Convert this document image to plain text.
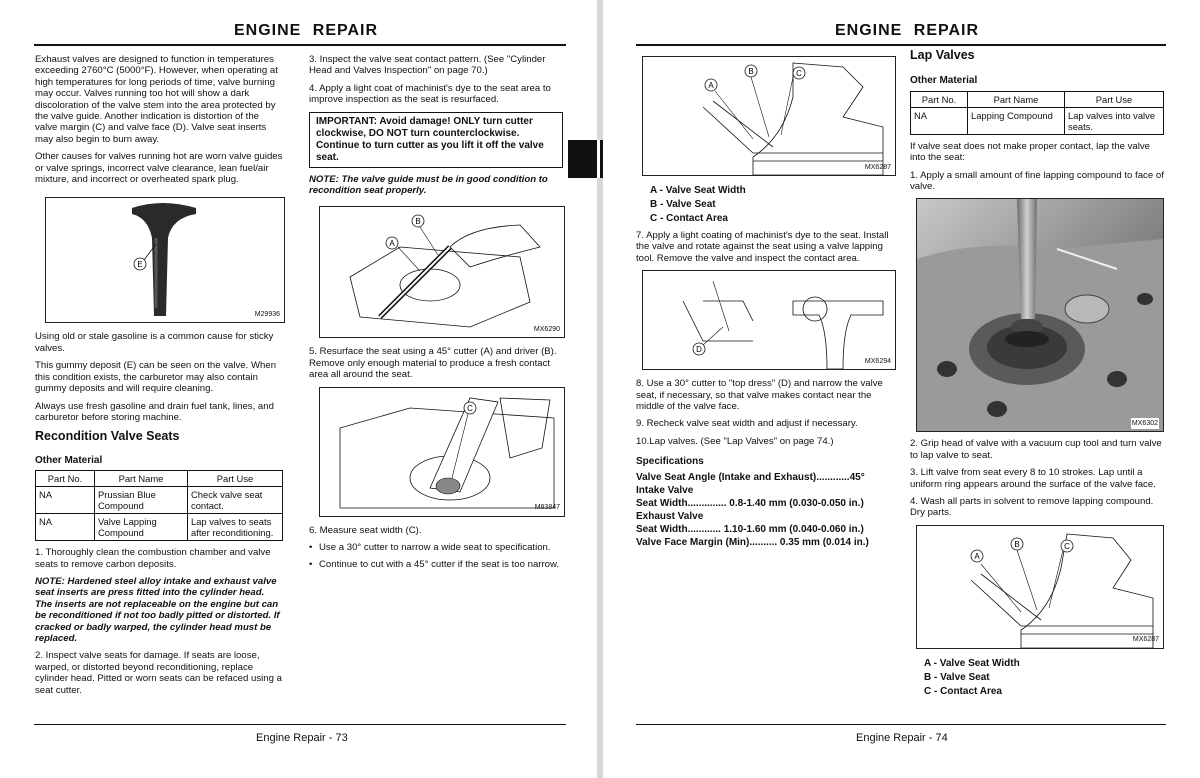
ENGINE REPAIR

Exhaust valves are designed to function in temperatures exceeding 2760°C (5000°F). However, when operating at high temperatures for long periods of time, valve burning may occur. Valves running too hot will show a dark discoloration of the valve stem into the area protected by the valve guide. Another indication is distortion of the valve margin (C) and valve face (D). Valve seat inserts may also begin to burn away.

Other causes for valves running hot are worn valve guides or valve springs, incorrect valve clearance, lean fuel/air mixture, and incorrect or overheated spark plug.

E
M29936

Using old or stale gasoline is a common cause for sticky valves.

This gummy deposit (E) can be seen on the valve. When this condition exists, the carburetor may also contain gummy deposits and will require cleaning.

Always use fresh gasoline and drain fuel tank, lines, and carburetor before storing machine.

Recondition Valve Seats
Other Material
Part No.	Part Name	Part Use
NA	Prussian Blue Compound	Check valve seat contact.
NA	Valve Lapping Compound	Lap valves to seats after reconditioning.

1. Thoroughly clean the combustion chamber and valve seats to remove carbon deposits.

NOTE: Hardened steel alloy intake and exhaust valve seat inserts are press fitted into the cylinder head. The inserts are not replaceable on the engine but can be reconditioned if not too badly pitted or distorted. If cracked or badly warped, the cylinder head must be replaced.

2. Inspect valve seats for damage. If seats are loose, warped, or distorted beyond reconditioning, replace cylinder head. Pitted or worn seats can be refaced using a seat cutter.

3. Inspect the valve seat contact pattern. (See "Cylinder Head and Valves Inspection" on page 70.)

4. Apply a light coat of machinist's dye to the seat area to improve inspection as the seat is resurfaced.

IMPORTANT: Avoid damage! ONLY turn cutter clockwise, DO NOT turn counterclockwise. Continue to turn cutter as you lift it off the valve seat.

NOTE: The valve guide must be in good condition to recondition seat properly.

A
B
MX6290

5. Resurface the seat using a 45° cutter (A) and driver (B). Remove only enough material to produce a fresh contact area all around the seat.

C
M83847

6. Measure seat width (C).

• Use a 30° cutter to narrow a wide seat to specification.

• Continue to cut with a 45° cutter if the seat is too narrow.

Engine Repair - 73
ENGINE REPAIR
A
B	C
MX6287
A - Valve Seat Width
B - Valve Seat
C - Contact Area

7. Apply a light coating of machinist's dye to the seat. Install the valve and rotate against the seat using a valve lapping tool. Remove the valve and inspect the contact area.

D
MX6294

8. Use a 30° cutter to "top dress" (D) and narrow the valve seat, if necessary, so that valve makes contact near the middle of the valve face.

9. Recheck valve seat width and adjust if necessary.

10.Lap valves. (See "Lap Valves" on page 74.)

Specifications
Valve Seat Angle (Intake and Exhaust)............45°
Intake Valve
Seat Width.............. 0.8-1.40 mm (0.030-0.050 in.)
Exhaust Valve
Seat Width............ 1.10-1.60 mm (0.040-0.060 in.)
Valve Face Margin (Min).......... 0.35 mm (0.014 in.)
Lap Valves
Other Material
Part No.	Part Name	Part Use
NA	Lapping Compound	Lap valves into valve seats.

If valve seat does not make proper contact, lap the valve into the seat:

1. Apply a small amount of fine lapping compound to face of valve.

MX6302

2. Grip head of valve with a vacuum cup tool and turn valve to lap valve to seat.

3. Lift valve from seat every 8 to 10 strokes. Lap until a uniform ring appears around the surface of the valve face.

4. Wash all parts in solvent to remove lapping compound. Dry parts.

A
B	C
MX6287
A - Valve Seat Width
B - Valve Seat
C - Contact Area
Engine Repair - 74
